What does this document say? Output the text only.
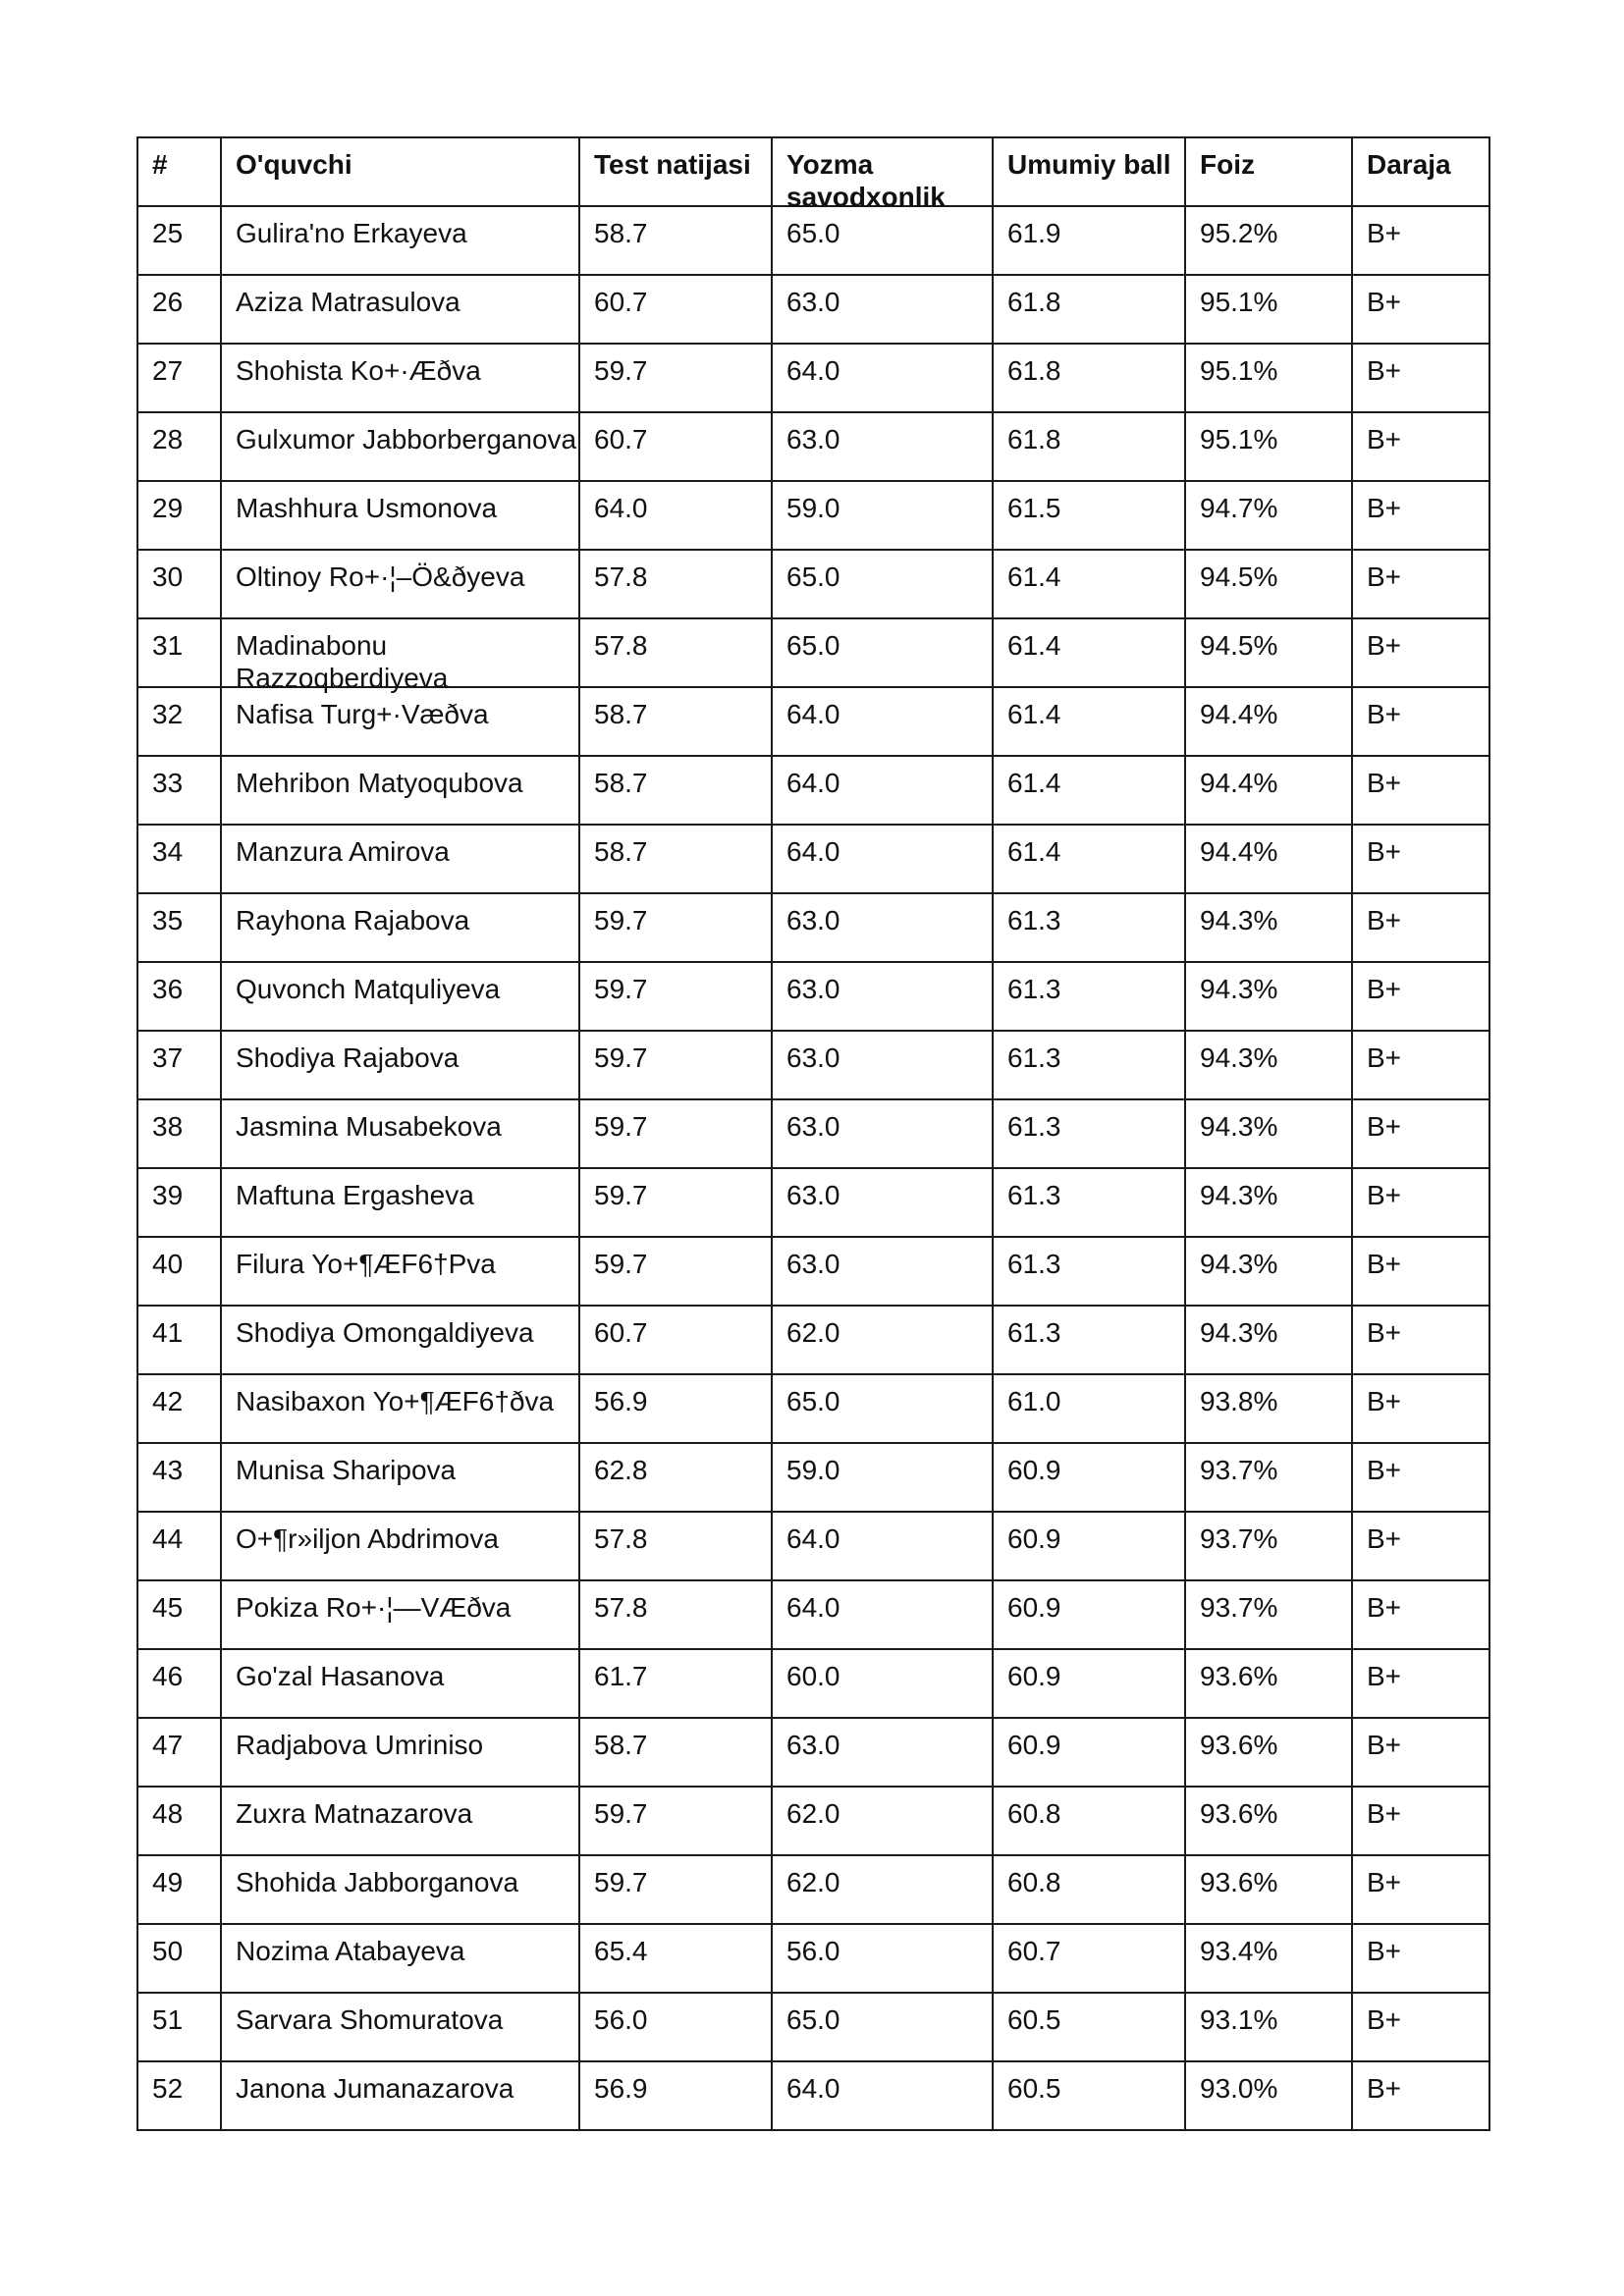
#	O'quvchi	Test natijasi	Yozma savodxonlik	Umumiy ball	Foiz	Daraja

25	Gulira'no Erkayeva	58.7	65.0	61.9	95.2%	B+

26	Aziza Matrasulova	60.7	63.0	61.8	95.1%	B+

27	Shohista Ko+·Æðva	59.7	64.0	61.8	95.1%	B+

28	Gulxumor Jabborberganova	60.7	63.0	61.8	95.1%	B+

29	Mashhura Usmonova	64.0	59.0	61.5	94.7%	B+

30	Oltinoy Ro+·¦–Ö&ðyeva	57.8	65.0	61.4	94.5%	B+

31	Madinabonu Razzoqberdiyeva	57.8	65.0	61.4	94.5%	B+

32	Nafisa Turg+·Væðva	58.7	64.0	61.4	94.4%	B+

33	Mehribon Matyoqubova	58.7	64.0	61.4	94.4%	B+

34	Manzura Amirova	58.7	64.0	61.4	94.4%	B+

35	Rayhona Rajabova	59.7	63.0	61.3	94.3%	B+

36	Quvonch Matquliyeva	59.7	63.0	61.3	94.3%	B+

37	Shodiya Rajabova	59.7	63.0	61.3	94.3%	B+

38	Jasmina Musabekova	59.7	63.0	61.3	94.3%	B+

39	Maftuna Ergasheva	59.7	63.0	61.3	94.3%	B+

40	Filura Yo+¶ÆF6†Pva	59.7	63.0	61.3	94.3%	B+

41	Shodiya Omongaldiyeva	60.7	62.0	61.3	94.3%	B+

42	Nasibaxon Yo+¶ÆF6†ðva	56.9	65.0	61.0	93.8%	B+

43	Munisa Sharipova	62.8	59.0	60.9	93.7%	B+

44	O+¶r»iljon Abdrimova	57.8	64.0	60.9	93.7%	B+

45	Pokiza Ro+·¦—VÆðva	57.8	64.0	60.9	93.7%	B+

46	Go'zal Hasanova	61.7	60.0	60.9	93.6%	B+

47	Radjabova Umriniso	58.7	63.0	60.9	93.6%	B+

48	Zuxra Matnazarova	59.7	62.0	60.8	93.6%	B+

49	Shohida Jabborganova	59.7	62.0	60.8	93.6%	B+

50	Nozima Atabayeva	65.4	56.0	60.7	93.4%	B+

51	Sarvara Shomuratova	56.0	65.0	60.5	93.1%	B+

52	Janona Jumanazarova	56.9	64.0	60.5	93.0%	B+
